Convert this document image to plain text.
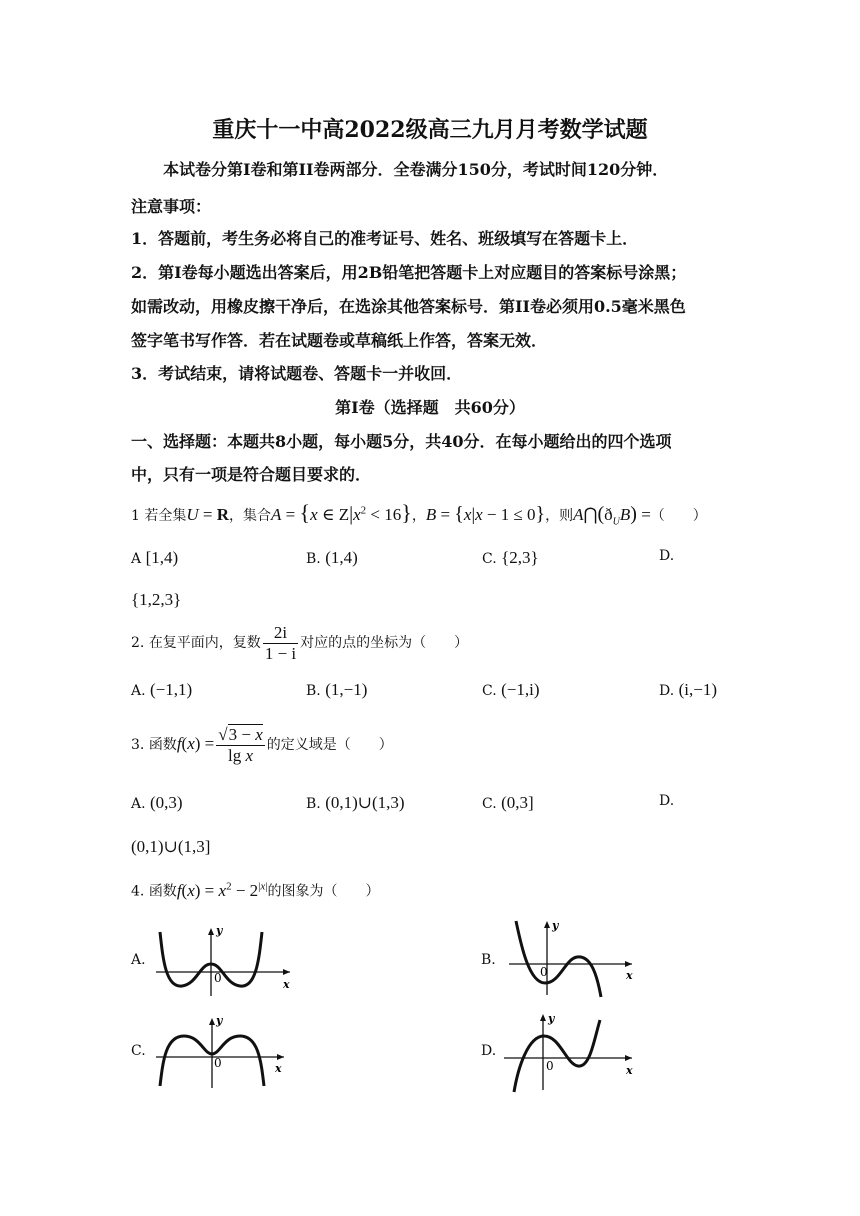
重庆十一中高2022级高三九月月考数学试题
本试卷分第I卷和第II卷两部分．全卷满分150分，考试时间120分钟．
注意事项：
1．答题前，考生务必将自己的准考证号、姓名、班级填写在答题卡上．
2．第I卷每小题选出答案后，用2B铅笔把答题卡上对应题目的答案标号涂黑；
如需改动，用橡皮擦干净后，在选涂其他答案标号．第II卷必须用0.5毫米黑色
签字笔书写作答．若在试题卷或草稿纸上作答，答案无效．
3．考试结束，请将试题卷、答题卡一并收回．
第I卷（选择题　共60分）
一、选择题：本题共8小题，每小题5分，共40分．在每小题给出的四个选项
中，只有一项是符合题目要求的．
1 若全集U = R，集合A = {x ∈ $Z|x^2 < 16$}，B = {x|x − 1 ≤ 0}，则$A⋂(ð_UB)$ =（　　）
A [1,4)	B. (1,4)	C. {2,3}	D.
{1,2,3}
2. 在复平面内，复数 $\frac{2i}{1 - i}$ 对应的点的坐标为（　　）
A. (−1,1)	B. (1,−1)	C. (−1,i)	D. (i,−1)
3. 函数$f(x) = \frac{√3 - x}{\text{lg x}}$ 的定义域是（　　）
A. (0,3)	B. (0,1)∪(1,3)	C. (0,3]	D.
(0,1)∪(1,3]
4. 函数$f(x) = x^2 - 2^{|x|}$的图象为（　　）
A.
y
x
0
B.
y
x
0
C.
y
x
0
D.
y
x
0
